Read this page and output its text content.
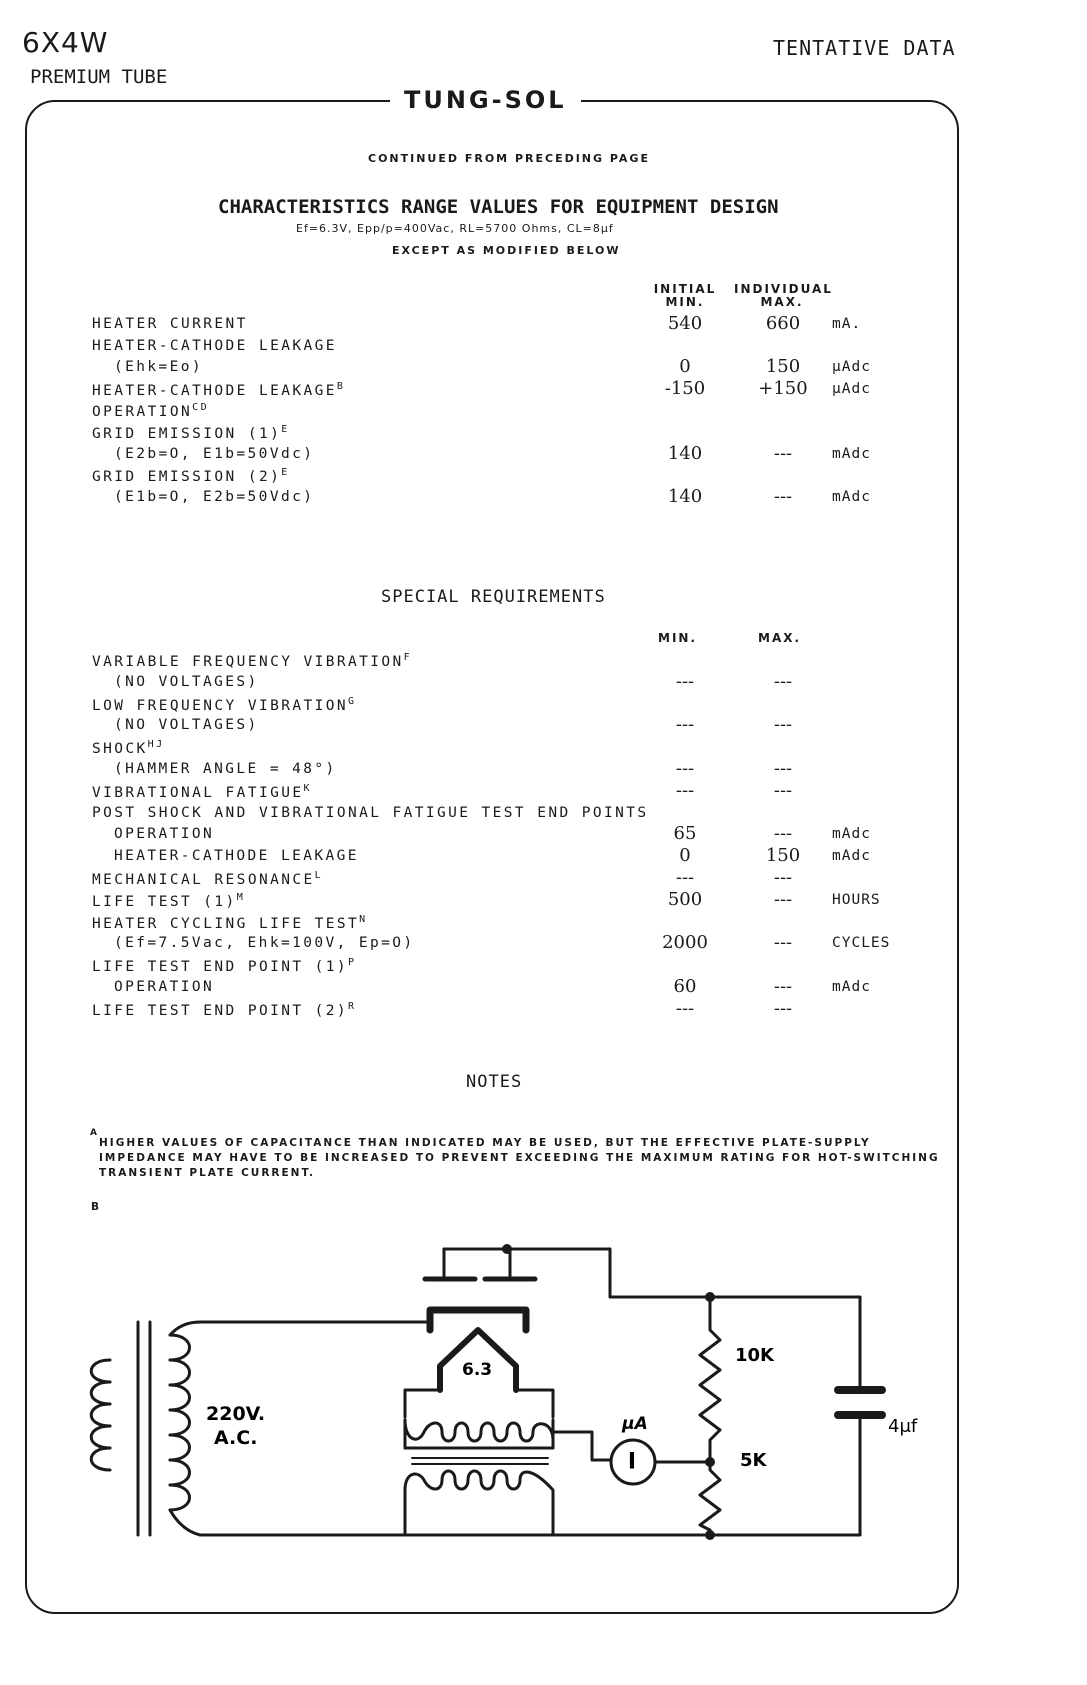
6X4W
PREMIUM TUBE
TENTATIVE DATA
TUNG-SOL
CONTINUED FROM PRECEDING PAGE
CHARACTERISTICS RANGE VALUES FOR EQUIPMENT DESIGN
Ef=6.3V, Epp/p=400Vac, RL=5700 Ohms, CL=8μf
EXCEPT AS MODIFIED BELOW
INITIAL
MIN.
INDIVIDUAL
MAX.
HEATER CURRENT	540	660	mA.
HEATER-CATHODE LEAKAGE
(Ehk=Eo)	0	150	μAdc
HEATER-CATHODE $LEAKAGE^B$	-150	+150	μAdc
$OPERATION^{CD}$
GRID EMISSION $(1)^E$
(E2b=O, E1b=50Vdc)	140	---	mAdc
GRID EMISSION $(2)^E$
(E1b=O, E2b=50Vdc)	140	---	mAdc
SPECIAL REQUIREMENTS
MIN.	MAX.
VARIABLE FREQUENCY $VIBRATION^F$
(NO VOLTAGES)	---	---
LOW FREQUENCY $VIBRATION^G$
(NO VOLTAGES)	---	---
$SHOCK^{HJ}$
(HAMMER ANGLE = 48°)	---	---
VIBRATIONAL $FATIGUE^K$	---	---
POST SHOCK AND VIBRATIONAL FATIGUE TEST END POINTS
OPERATION	65	---	mAdc
HEATER-CATHODE LEAKAGE	0	150	mAdc
MECHANICAL $RESONANCE^L$	---	---
LIFE TEST $(1)^M$	500	---	HOURS
HEATER CYCLING LIFE $TEST^N$
(Ef=7.5Vac, Ehk=100V, Ep=O)	2000	---	CYCLES
LIFE TEST END POINT $(1)^P$
OPERATION	60	---	mAdc
LIFE TEST END POINT $(2)^R$	---	---
NOTES
A
HIGHER VALUES OF CAPACITANCE THAN INDICATED MAY BE USED, BUT THE EFFECTIVE PLATE-SUPPLY
IMPEDANCE MAY HAVE TO BE INCREASED TO PREVENT EXCEEDING THE MAXIMUM RATING FOR HOT-SWITCHING
TRANSIENT PLATE CURRENT.
B
220V.
A.C.
6.3
I
μA
10K
5K
4μf
